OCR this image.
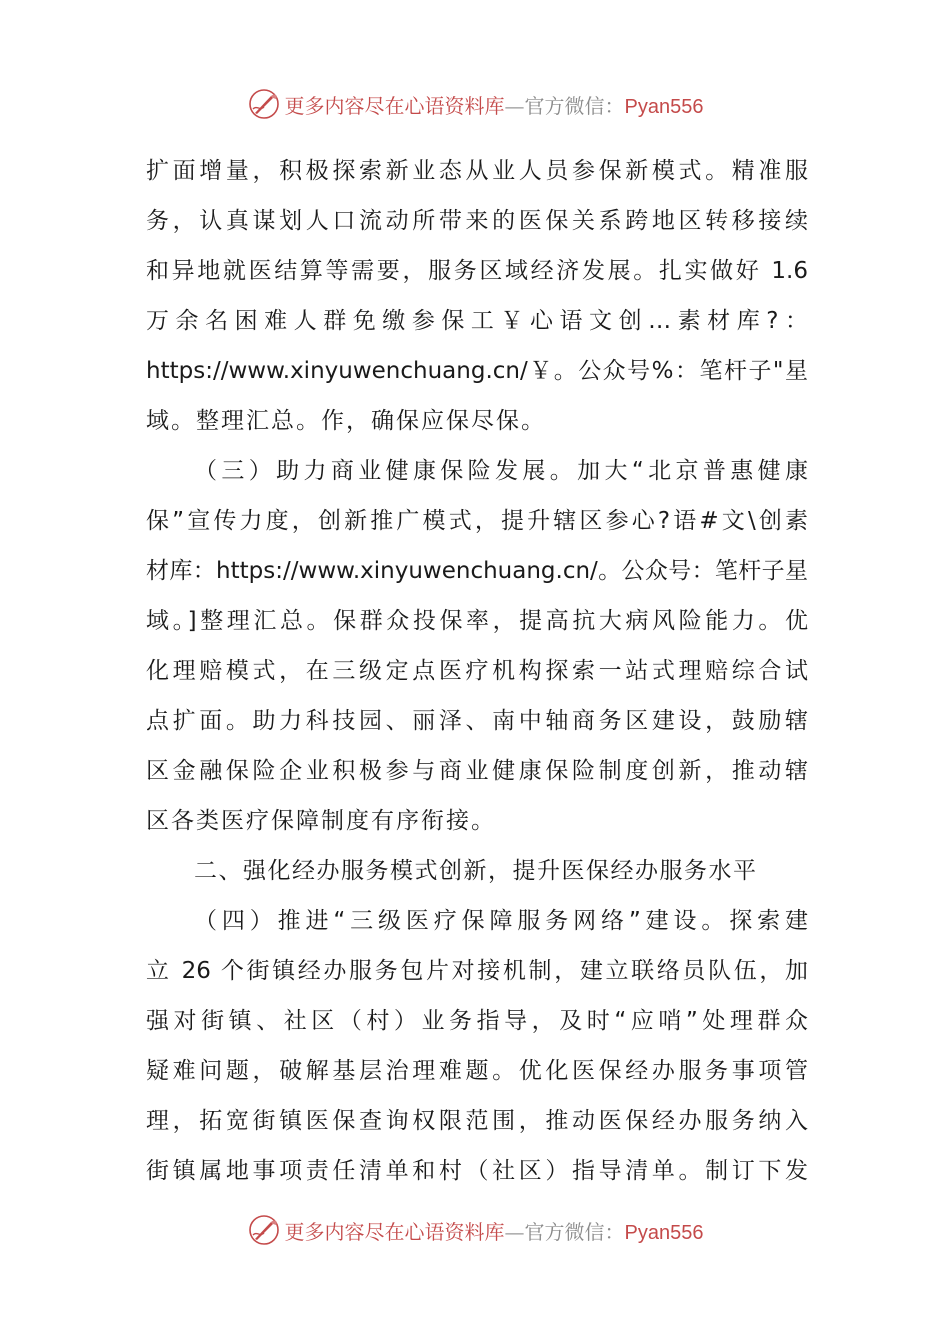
更多内容尽在心语资料库—官方微信：Pyan556
扩面增量，积极探索新业态从业人员参保新模式。精准服
务，认真谋划人口流动所带来的医保关系跨地区转移接续
和异地就医结算等需要，服务区域经济发展。扎实做好 1.6
万余名困难人群免缴参保工￥心语文创…素材库?：
https://www.xinyuwenchuang.cn/￥。公众号%：笔杆子"星
域。整理汇总。作，确保应保尽保。
（三）助力商业健康保险发展。加大“北京普惠健康
保”宣传力度，创新推广模式，提升辖区参心?语#文\创素
材库：https://www.xinyuwenchuang.cn/。公众号：笔杆子星
域。]整理汇总。保群众投保率，提高抗大病风险能力。优
化理赔模式，在三级定点医疗机构探索一站式理赔综合试
点扩面。助力科技园、丽泽、南中轴商务区建设，鼓励辖
区金融保险企业积极参与商业健康保险制度创新，推动辖
区各类医疗保障制度有序衔接。
二、强化经办服务模式创新，提升医保经办服务水平
（四）推进“三级医疗保障服务网络”建设。探索建
立 26 个街镇经办服务包片对接机制，建立联络员队伍，加
强对街镇、社区（村）业务指导，及时“应哨”处理群众
疑难问题，破解基层治理难题。优化医保经办服务事项管
理，拓宽街镇医保查询权限范围，推动医保经办服务纳入
街镇属地事项责任清单和村（社区）指导清单。制订下发
更多内容尽在心语资料库—官方微信：Pyan556
